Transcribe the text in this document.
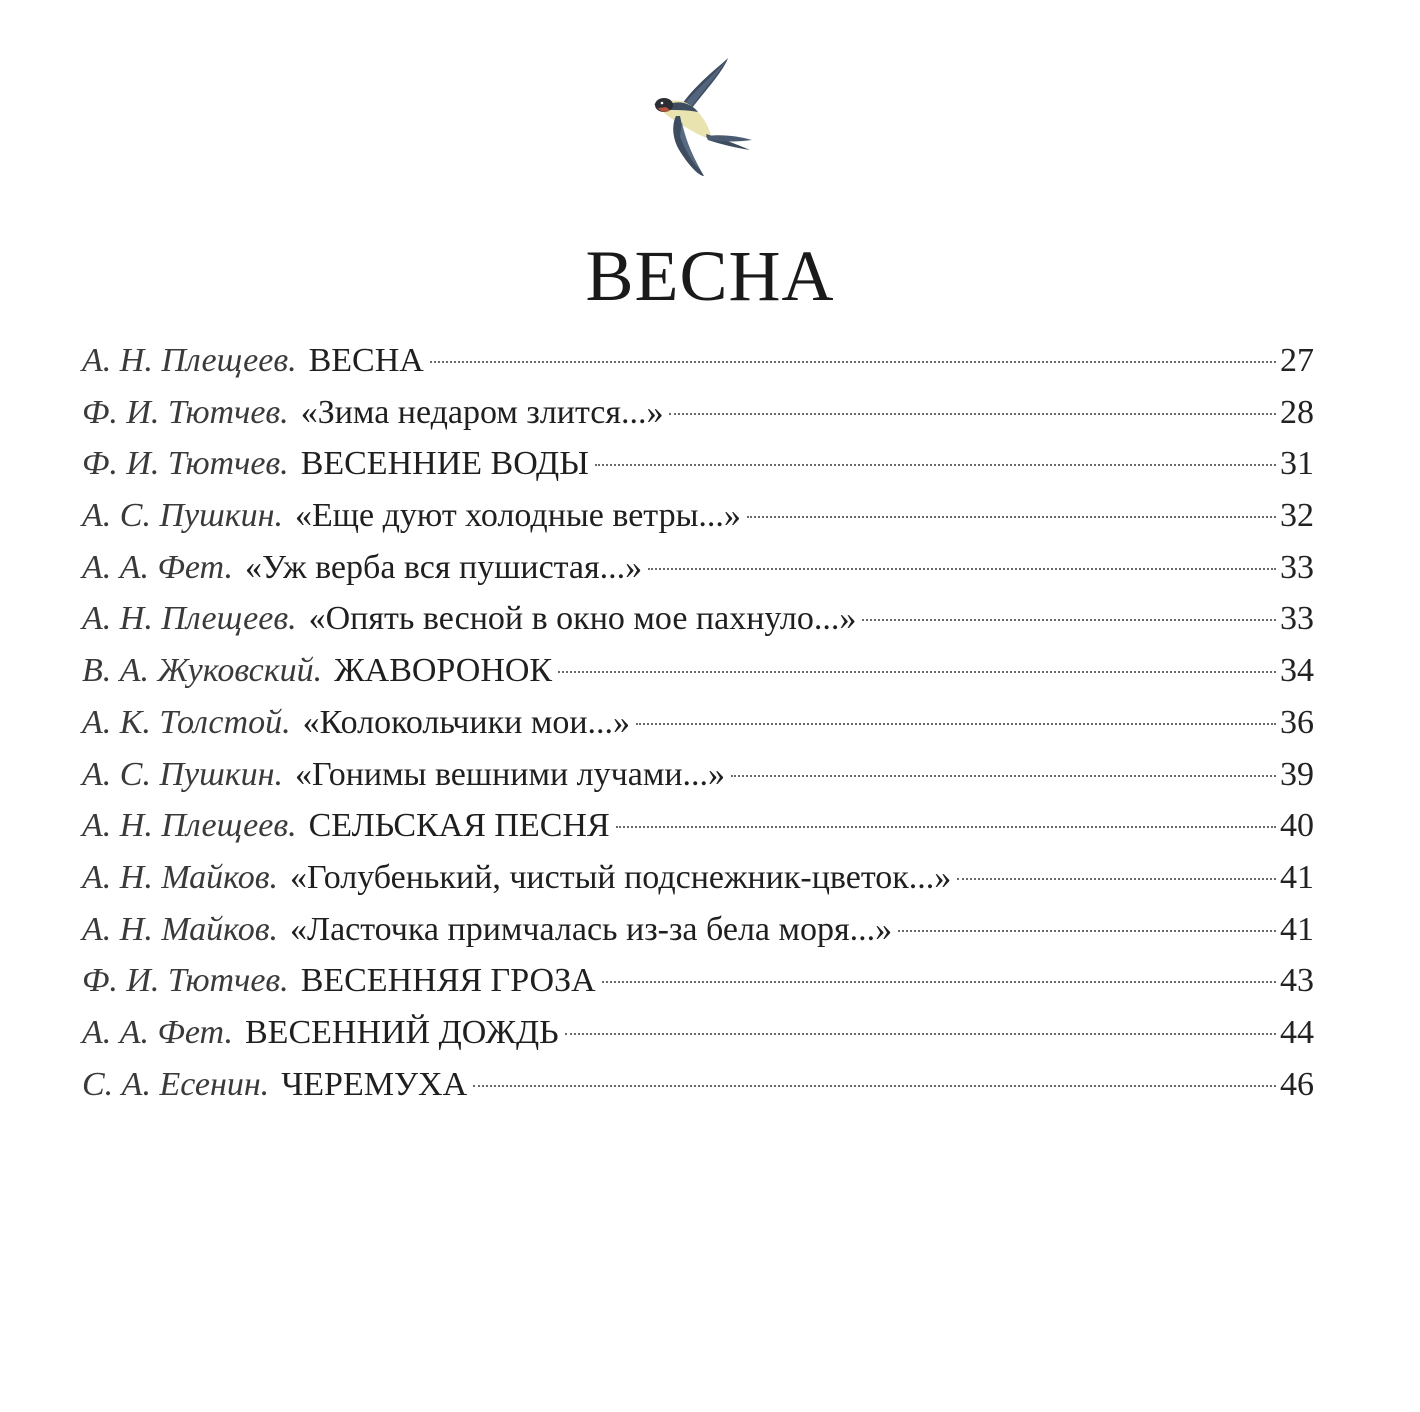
ВЕСНА
А. Н. Плещеев. ВЕСНА	27
Ф. И. Тютчев. «Зима недаром злится...»	28
Ф. И. Тютчев. ВЕСЕННИЕ ВОДЫ	31
А. С. Пушкин. «Еще дуют холодные ветры...»	32
А. А. Фет. «Уж верба вся пушистая...»	33
А. Н. Плещеев. «Опять весной в окно мое пахнуло...»	33
В. А. Жуковский. ЖАВОРОНОК	34
А. К. Толстой. «Колокольчики мои...»	36
А. С. Пушкин. «Гонимы вешними лучами...»	39
А. Н. Плещеев. СЕЛЬСКАЯ ПЕСНЯ	40
А. Н. Майков. «Голубенький, чистый подснежник-цветок...»	41
А. Н. Майков. «Ласточка примчалась из-за бела моря...»	41
Ф. И. Тютчев. ВЕСЕННЯЯ ГРОЗА	43
А. А. Фет. ВЕСЕННИЙ ДОЖДЬ	44
С. А. Есенин. ЧЕРЕМУХА	46
